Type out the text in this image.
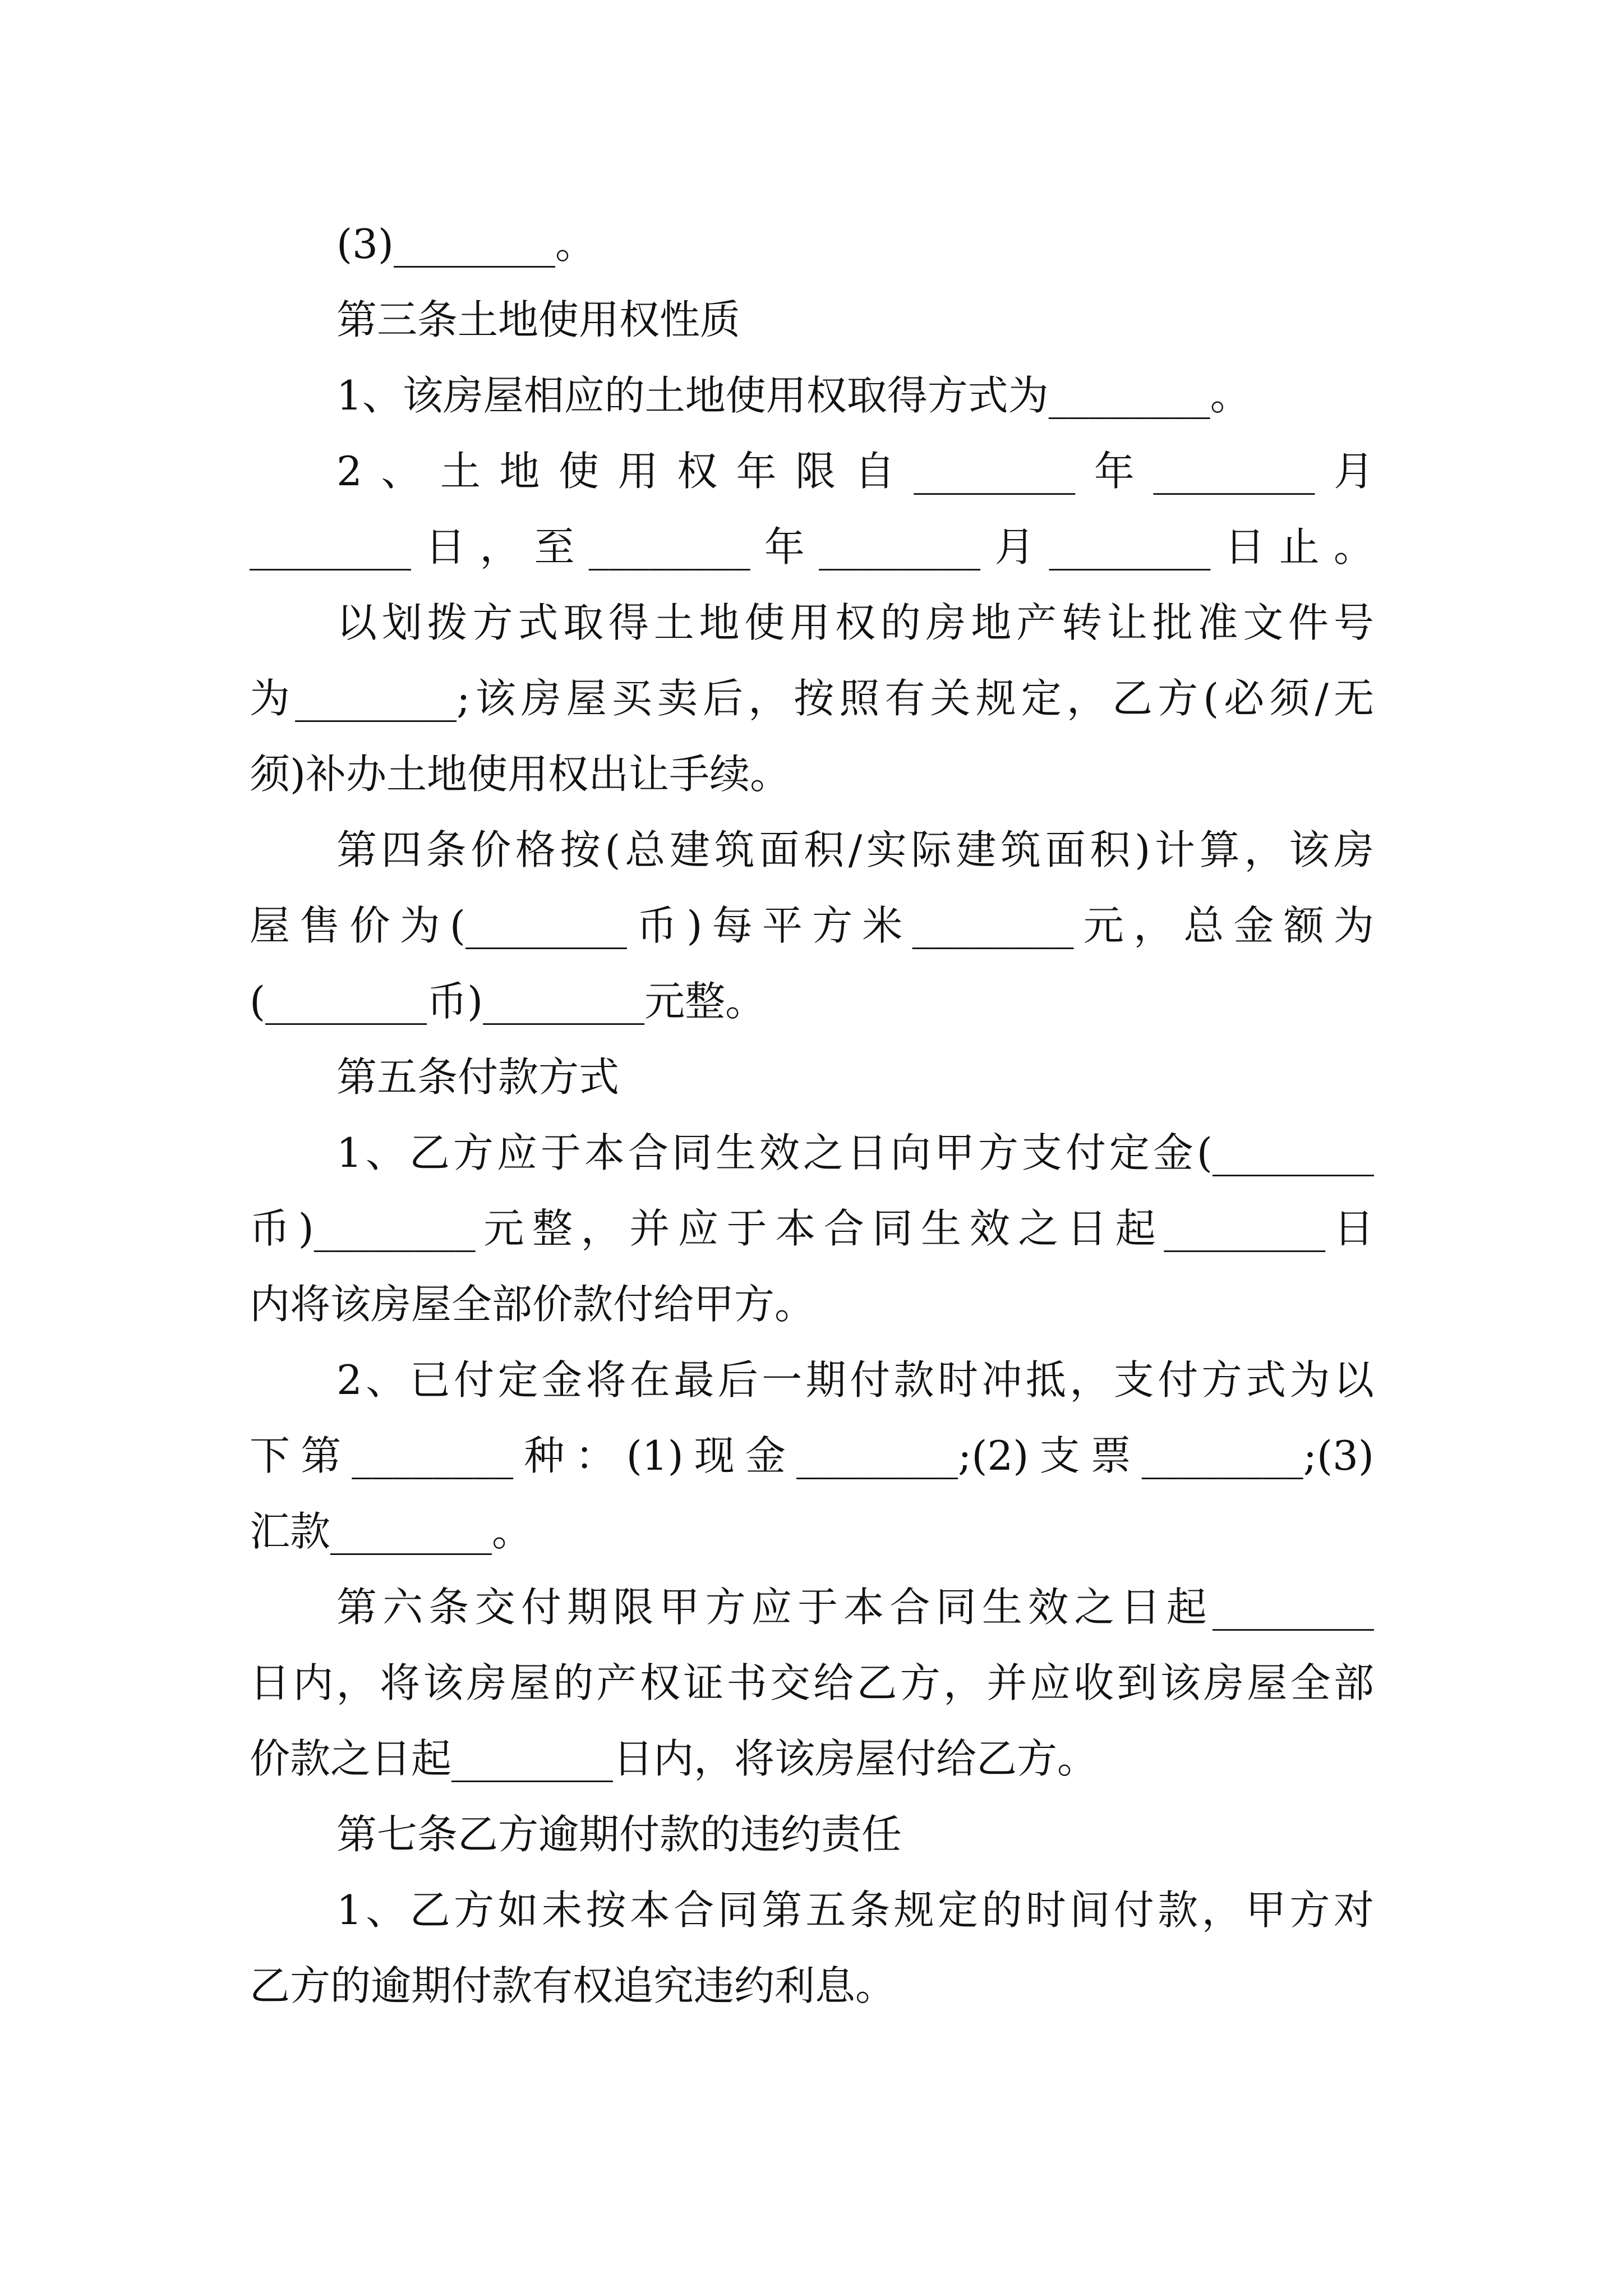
(3)________。
第三条土地使用权性质
1、该房屋相应的土地使用权取得方式为________。
2、土地使用权年限自________年________月
________日，至________年________月________日止。
以划拨方式取得土地使用权的房地产转让批准文件号
为________;该房屋买卖后，按照有关规定，乙方(必须/无
须)补办土地使用权出让手续。
第四条价格按(总建筑面积/实际建筑面积)计算，该房
屋售价为(________币)每平方米________元，总金额为
(________币)________元整。
第五条付款方式
1、乙方应于本合同生效之日向甲方支付定金(________
币)________元整，并应于本合同生效之日起________日
内将该房屋全部价款付给甲方。
2、已付定金将在最后一期付款时冲抵，支付方式为以
下第________种：(1)现金________;(2)支票________;(3)
汇款________。
第六条交付期限甲方应于本合同生效之日起________
日内，将该房屋的产权证书交给乙方，并应收到该房屋全部
价款之日起________日内，将该房屋付给乙方。
第七条乙方逾期付款的违约责任
1、乙方如未按本合同第五条规定的时间付款，甲方对
乙方的逾期付款有权追究违约利息。
